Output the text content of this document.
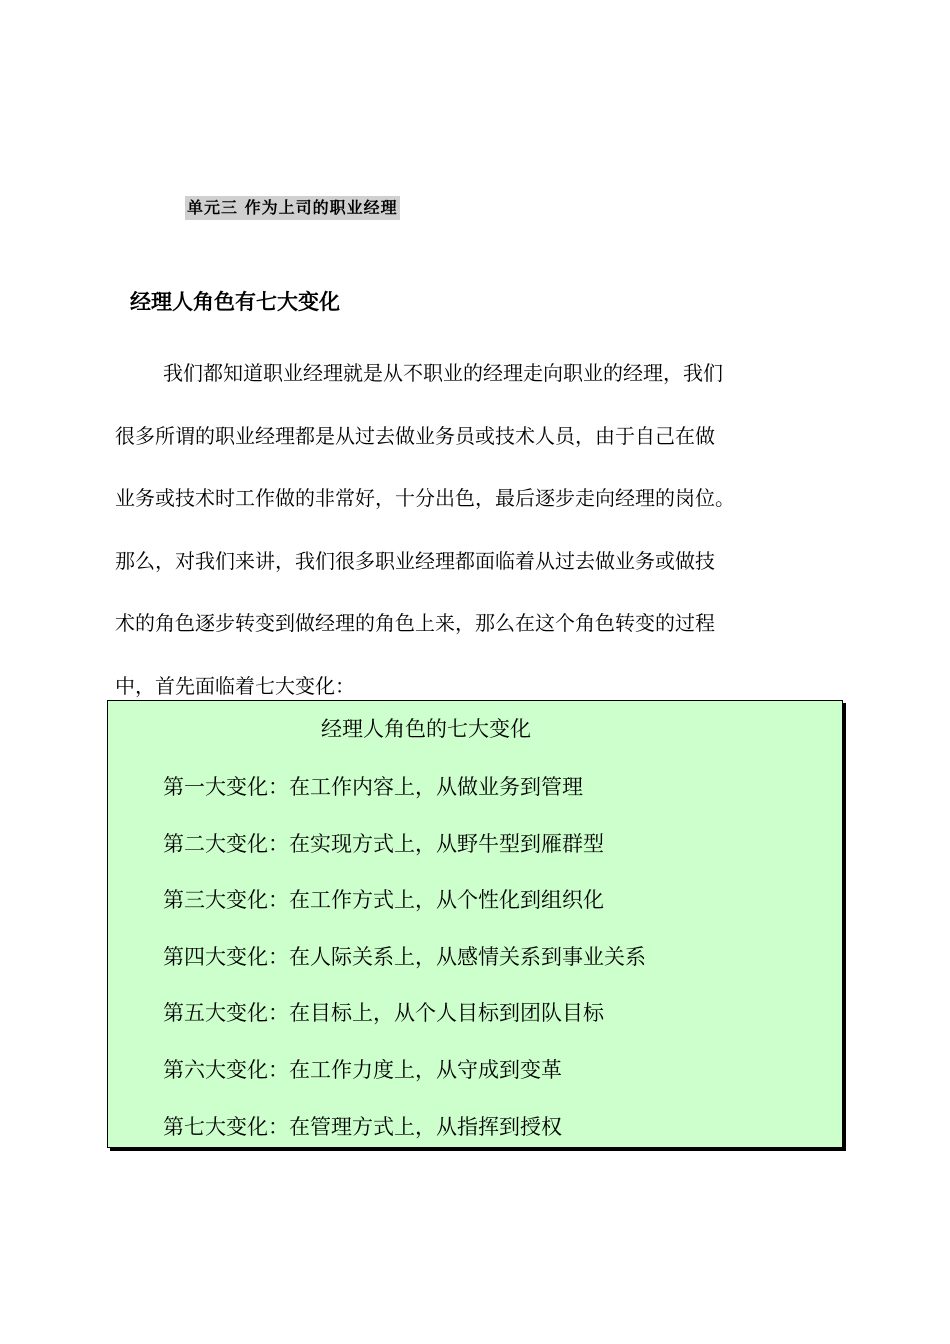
单元三 作为上司的职业经理
经理人角色有七大变化
我们都知道职业经理就是从不职业的经理走向职业的经理，我们
很多所谓的职业经理都是从过去做业务员或技术人员，由于自己在做
业务或技术时工作做的非常好，十分出色，最后逐步走向经理的岗位。
那么，对我们来讲，我们很多职业经理都面临着从过去做业务或做技
术的角色逐步转变到做经理的角色上来，那么在这个角色转变的过程
中，首先面临着七大变化：
经理人角色的七大变化
第一大变化：在工作内容上，从做业务到管理
第二大变化：在实现方式上，从野牛型到雁群型
第三大变化：在工作方式上，从个性化到组织化
第四大变化：在人际关系上，从感情关系到事业关系
第五大变化：在目标上，从个人目标到团队目标
第六大变化：在工作力度上，从守成到变革
第七大变化：在管理方式上，从指挥到授权
